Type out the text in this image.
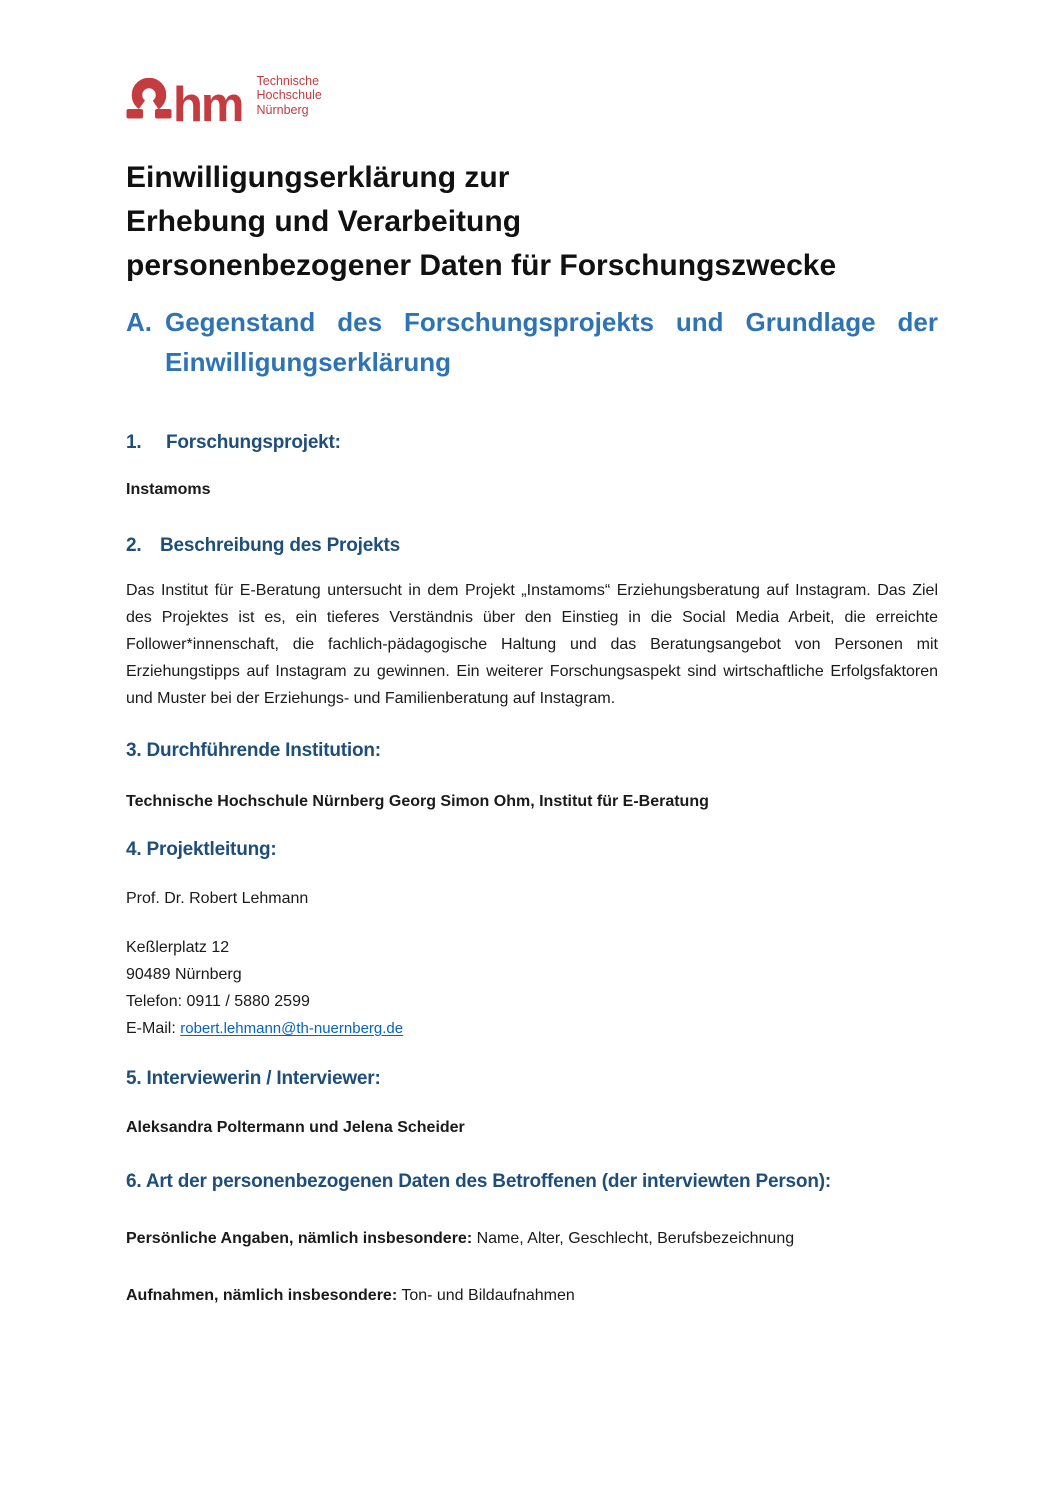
hm Technische
Hochschule
Nürnberg
Einwilligungserklärung zur
Erhebung und Verarbeitung
personenbezogener Daten für Forschungszwecke
A. Gegenstand des Forschungsprojekts und Grundlage der Einwilligungserklärung
1. Forschungsprojekt:

Instamoms

2. Beschreibung des Projekts

Das Institut für E-Beratung untersucht in dem Projekt „Instamoms“ Erziehungsberatung auf Instagram. Das Ziel des Projektes ist es, ein tieferes Verständnis über den Einstieg in die Social Media Arbeit, die erreichte Follower*innenschaft, die fachlich-pädagogische Haltung und das Beratungsangebot von Personen mit Erziehungstipps auf Instagram zu gewinnen. Ein weiterer Forschungsaspekt sind wirtschaftliche Erfolgsfaktoren und Muster bei der Erziehungs- und Familienberatung auf Instagram.

3. Durchführende Institution:

Technische Hochschule Nürnberg Georg Simon Ohm, Institut für E-Beratung

4. Projektleitung:

Prof. Dr. Robert Lehmann

Keßlerplatz 12
90489 Nürnberg
Telefon: 0911 / 5880 2599
E-Mail: robert.lehmann@th-nuernberg.de

5. Interviewerin / Interviewer:

Aleksandra Poltermann und Jelena Scheider

6. Art der personenbezogenen Daten des Betroffenen (der interviewten Person):

Persönliche Angaben, nämlich insbesondere: Name, Alter, Geschlecht, Berufsbezeichnung

Aufnahmen, nämlich insbesondere: Ton- und Bildaufnahmen
